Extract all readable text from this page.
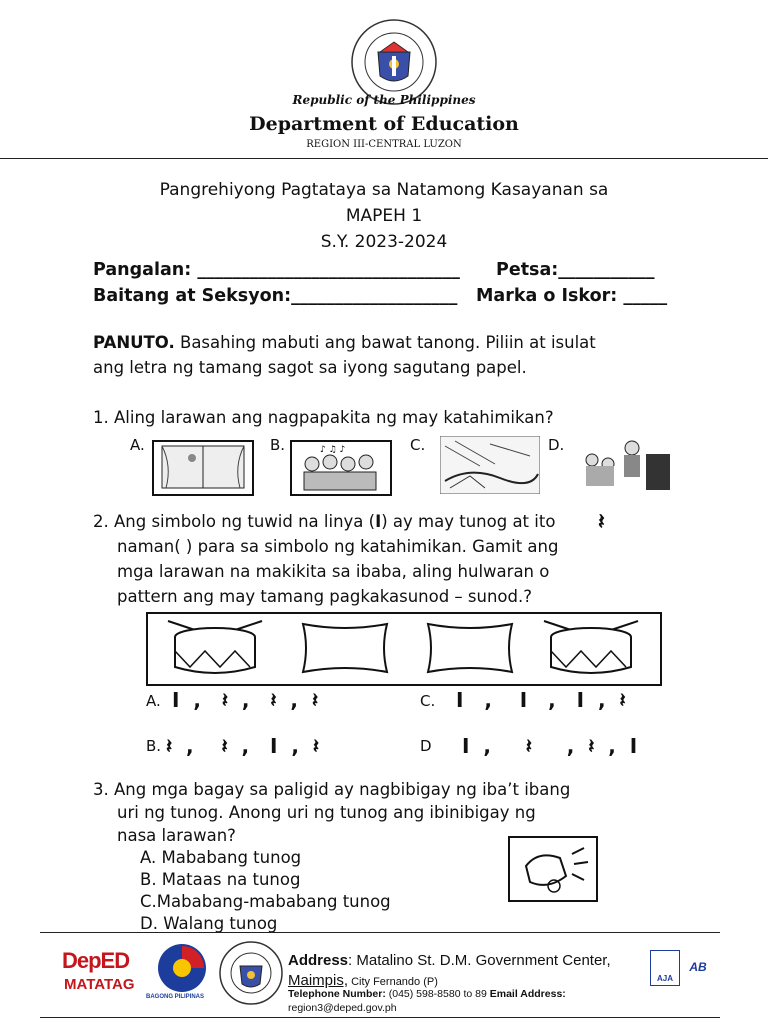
Republic of the Philippines
Department of Education
REGION III-CENTRAL LUZON
Pangrehiyong Pagtataya sa Natamong Kasayanan sa
MAPEH 1
S.Y. 2023-2024
Pangalan: ______________________________ Petsa:___________
Baitang at Seksyon:___________________ Marka o Iskor: _____
PANUTO. Basahing mabuti ang bawat tanong. Piliin at isulat
ang letra ng tamang sagot sa iyong sagutang papel.
1. Aling larawan ang nagpapakita ng may katahimikan?
A.	B.	♪ ♫ ♪	C.	D.
2. Ang simbolo ng tuwid na linya (I) ay may tunog at ito 𝄽
naman( ) para sa simbolo ng katahimikan. Gamit ang
mga larawan na makikita sa ibaba, aling hulwaran o
pattern ang may tamang pagkakasunod – sunod.?
A. I  ,   𝄽  ,   𝄽  ,  𝄽	C. I   ,    I   ,   I  ,  𝄽
B. 𝄽  ,    𝄽  ,   I  ,  𝄽	D I  ,     𝄽     ,  𝄽  ,  I
3. Ang mga bagay sa paligid ay nagbibigay ng iba’t ibang
uri ng tunog. Anong uri ng tunog ang ibinibigay ng
nasa larawan?
A. Mababang tunog
B. Mataas na tunog
C.Mababang-mababang tunog
D. Walang tunog
DepED
MATATAG
BAGONG PILIPINAS
Address: Matalino St. D.M. Government Center,
Maimpis, City Fernando (P)
Telephone Number: (045) 598-8580 to 89 Email Address:
region3@deped.gov.ph
AJA
AB
